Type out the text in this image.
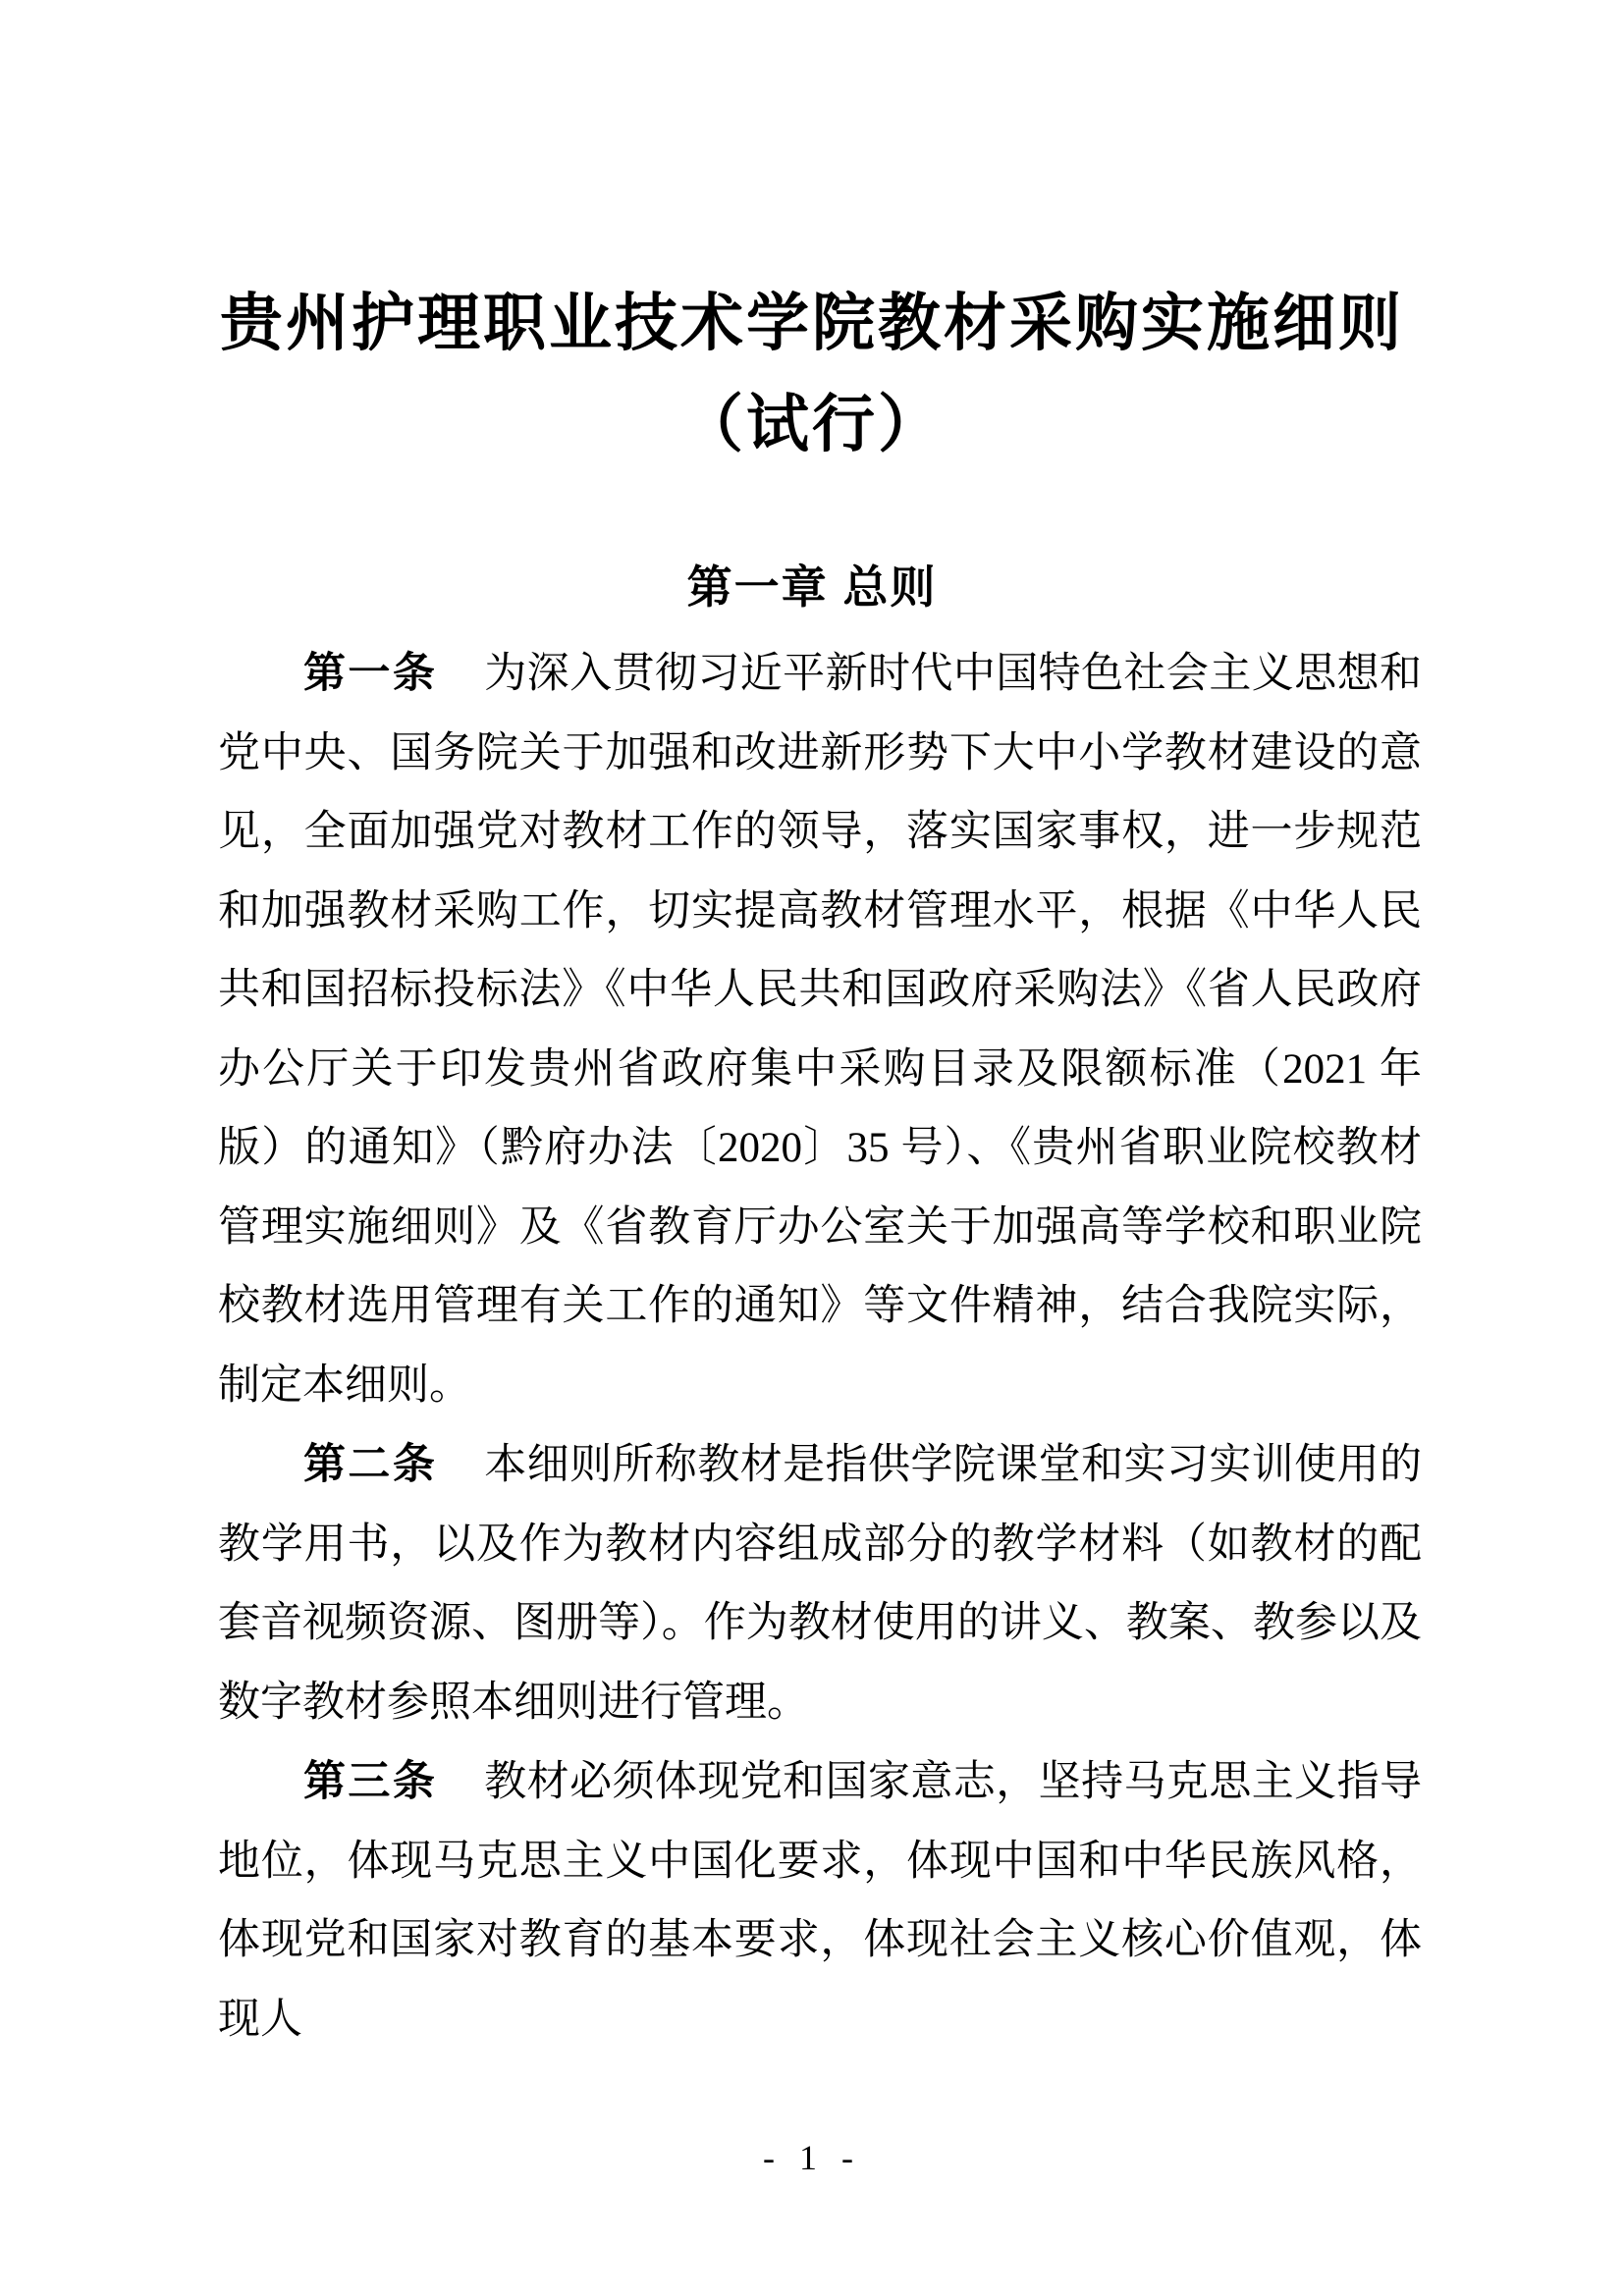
贵州护理职业技术学院教材采购实施细则
（试行）
第一章 总则

第一条 为深入贯彻习近平新时代中国特色社会主义思想和党中央、国务院关于加强和改进新形势下大中小学教材建设的意见，全面加强党对教材工作的领导，落实国家事权，进一步规范和加强教材采购工作，切实提高教材管理水平，根据《中华人民共和国招标投标法》《中华人民共和国政府采购法》《省人民政府办公厅关于印发贵州省政府集中采购目录及限额标准（2021 年版）的通知》（黔府办法〔2020〕35 号）、《贵州省职业院校教材管理实施细则》及《省教育厅办公室关于加强高等学校和职业院校教材选用管理有关工作的通知》等文件精神，结合我院实际，制定本细则。

第二条 本细则所称教材是指供学院课堂和实习实训使用的教学用书，以及作为教材内容组成部分的教学材料（如教材的配套音视频资源、图册等）。作为教材使用的讲义、教案、教参以及数字教材参照本细则进行管理。

第三条 教材必须体现党和国家意志，坚持马克思主义指导地位，体现马克思主义中国化要求，体现中国和中华民族风格，体现党和国家对教育的基本要求，体现社会主义核心价值观，体现人

- 1 -
